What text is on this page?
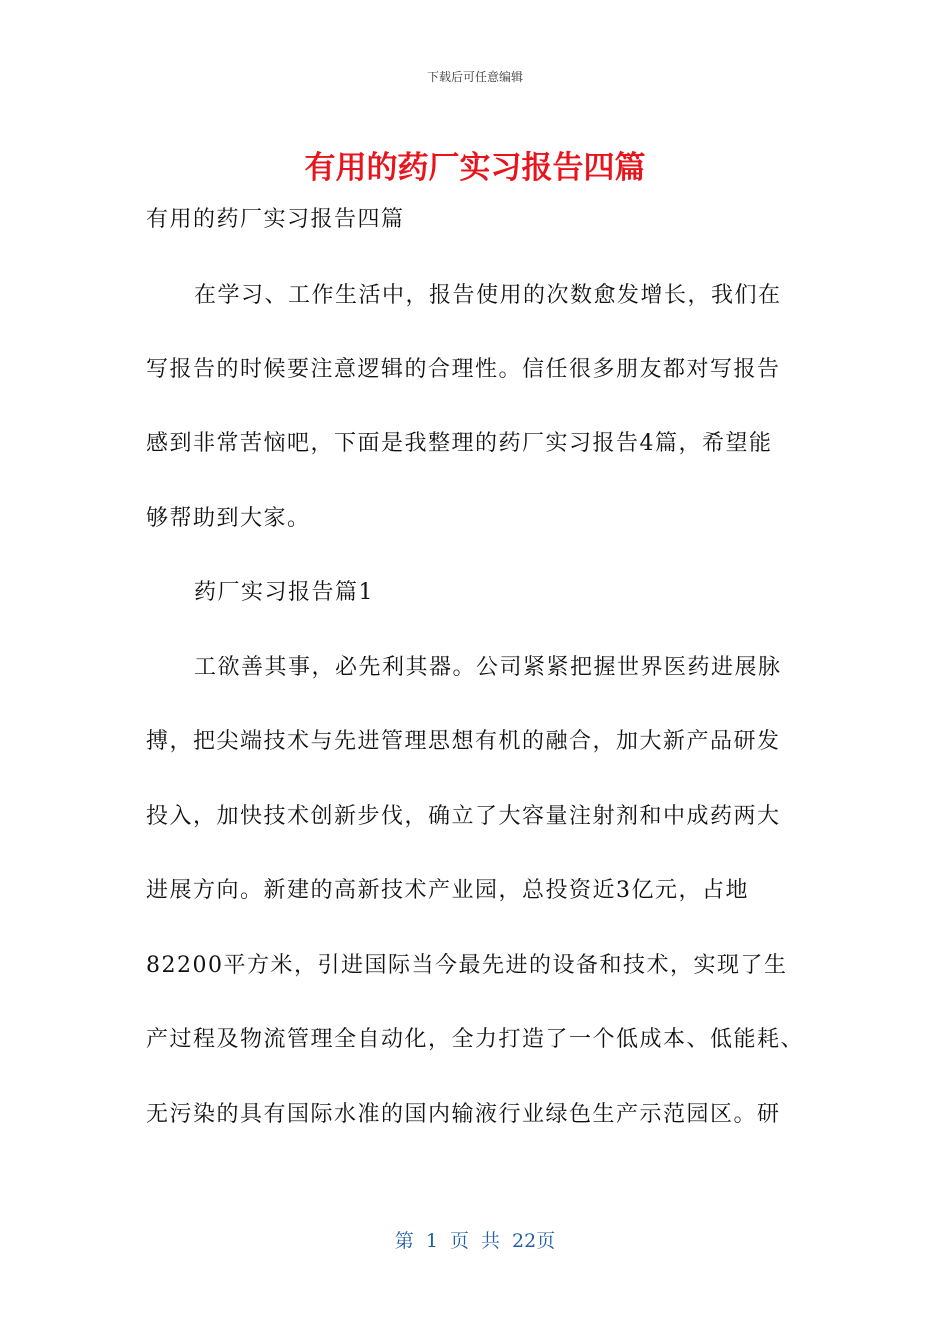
下载后可任意编辑
有用的药厂实习报告四篇
有用的药厂实习报告四篇
在学习、工作生活中，报告使用的次数愈发增长，我们在
写报告的时候要注意逻辑的合理性。信任很多朋友都对写报告
感到非常苦恼吧，下面是我整理的药厂实习报告4篇，希望能
够帮助到大家。
药厂实习报告篇1
工欲善其事，必先利其器。公司紧紧把握世界医药进展脉
搏，把尖端技术与先进管理思想有机的融合，加大新产品研发
投入，加快技术创新步伐，确立了大容量注射剂和中成药两大
进展方向。新建的高新技术产业园，总投资近3亿元，占地
82200平方米，引进国际当今最先进的设备和技术，实现了生
产过程及物流管理全自动化，全力打造了一个低成本、低能耗、
无污染的具有国际水准的国内输液行业绿色生产示范园区。研
第 1 页 共 22页
